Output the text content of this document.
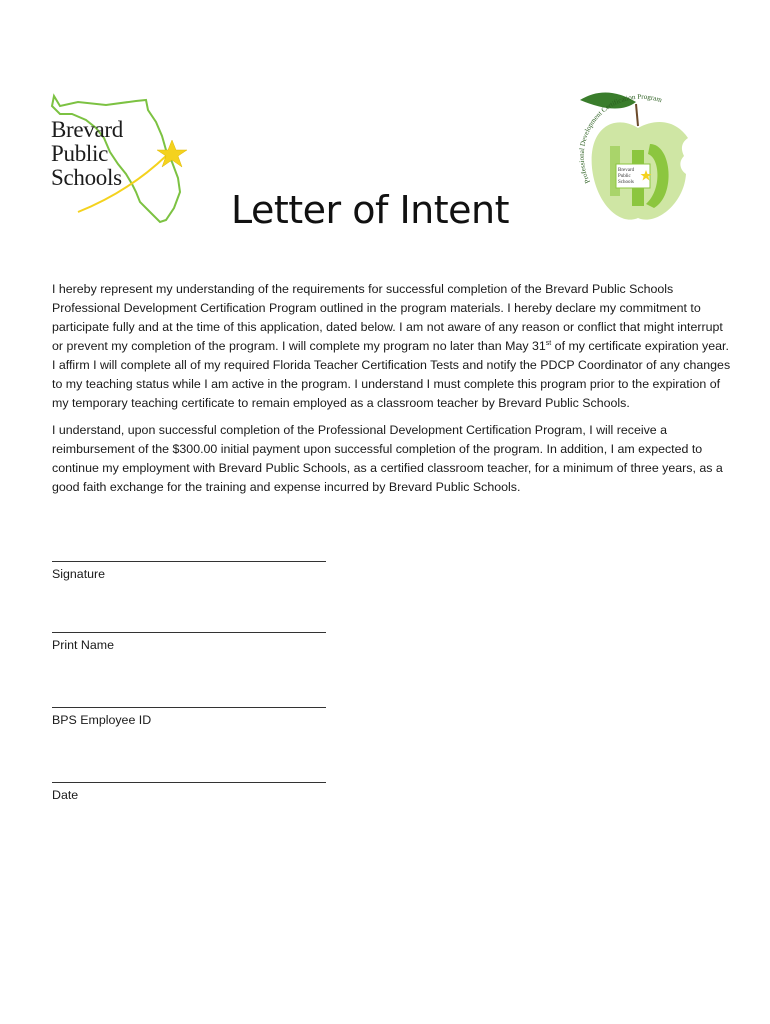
Brevard
Public
Schools	Professional Development Certification Program
Brevard
Public
Schools
Letter of Intent

I hereby represent my understanding of the requirements for successful completion of the Brevard Public Schools Professional Development Certification Program outlined in the program materials. I hereby declare my commitment to participate fully and at the time of this application, dated below. I am not aware of any reason or conflict that might interrupt or prevent my completion of the program. I will complete my program no later than May 31st of my certificate expiration year. I affirm I will complete all of my required Florida Teacher Certification Tests and notify the PDCP Coordinator of any changes to my teaching status while I am active in the program. I understand I must complete this program prior to the expiration of my temporary teaching certificate to remain employed as a classroom teacher by Brevard Public Schools.

I understand, upon successful completion of the Professional Development Certification Program, I will receive a reimbursement of the $300.00 initial payment upon successful completion of the program. In addition, I am expected to continue my employment with Brevard Public Schools, as a certified classroom teacher, for a minimum of three years, as a good faith exchange for the training and expense incurred by Brevard Public Schools.

Signature
Print Name
BPS Employee ID
Date
